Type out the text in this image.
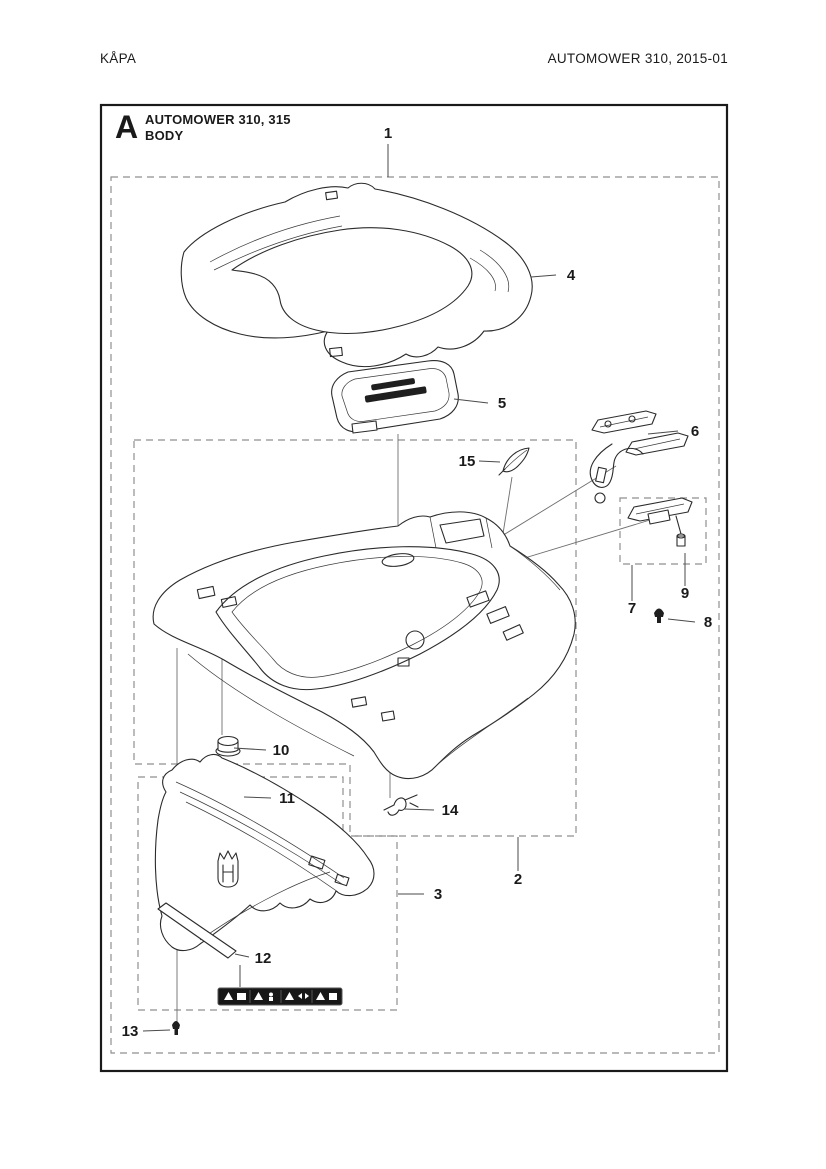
KÅPA	AUTOMOWER 310, 2015-01
A AUTOMOWER 310, 315
BODY	1
2
3
4
5
6
7
8
9
10
11
12
13
14
15
